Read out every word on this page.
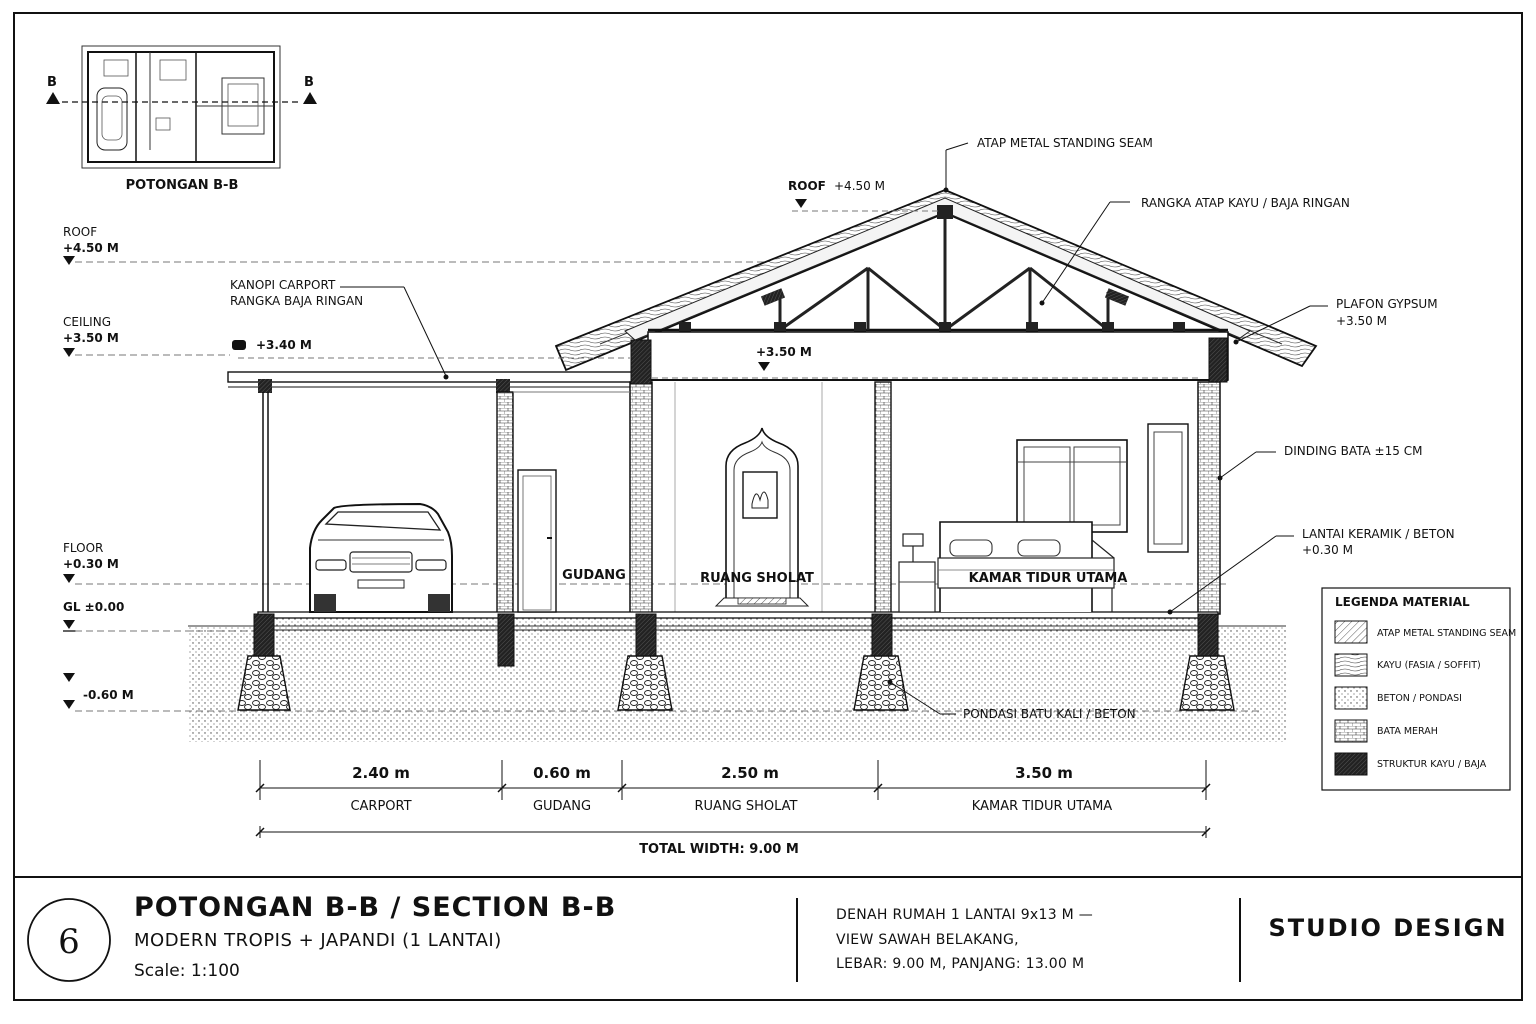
B	B
POTONGAN B-B
ROOF
+4.50 M
CEILING
+3.50 M
FLOOR
+0.30 M
GL ±0.00
-0.60 M
GUDANG	RUANG SHOLAT	KAMAR TIDUR UTAMA
ATAP METAL STANDING SEAM
ROOF +4.50 M
RANGKA ATAP KAYU / BAJA RINGAN
PLAFON GYPSUM
+3.50 M
KANOPI CARPORT
RANGKA BAJA RINGAN
+3.40 M	+3.50 M
DINDING BATA ±15 CM
LANTAI KERAMIK / BETON
+0.30 M
PONDASI BATU KALI / BETON
2.40 m	0.60 m	2.50 m	3.50 m
CARPORT	GUDANG	RUANG SHOLAT	KAMAR TIDUR UTAMA
TOTAL WIDTH: 9.00 M
LEGENDA MATERIAL
ATAP METAL STANDING SEAM
KAYU (FASIA / SOFFIT)
BETON / PONDASI
BATA MERAH
STRUKTUR KAYU / BAJA
6
POTONGAN B-B / SECTION B-B
MODERN TROPIS + JAPANDI (1 LANTAI)
Scale: 1:100
DENAH RUMAH 1 LANTAI 9x13 M —
VIEW SAWAH BELAKANG,
LEBAR: 9.00 M, PANJANG: 13.00 M
STUDIO DESIGN
